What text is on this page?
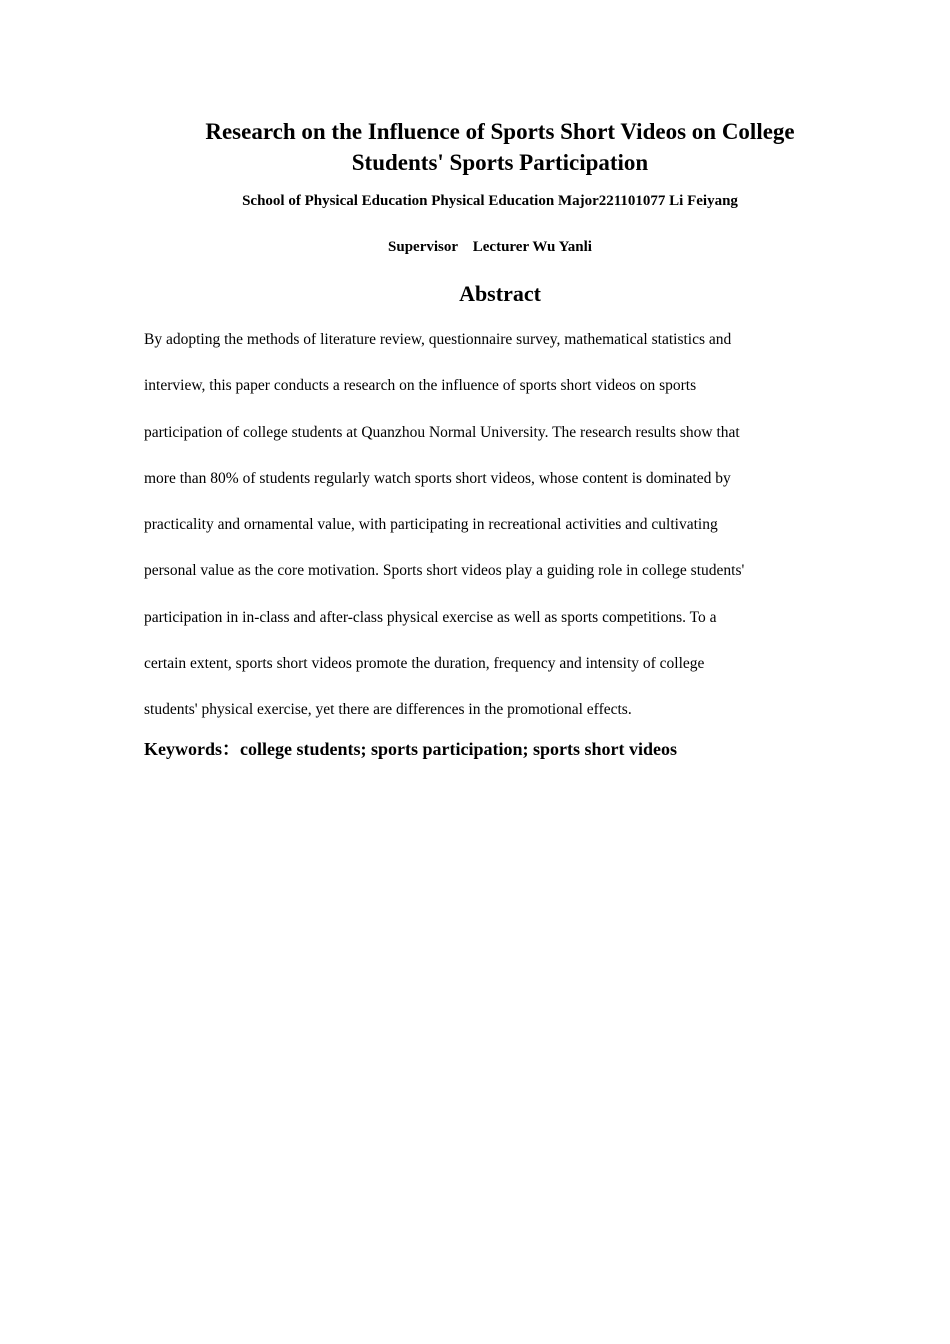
Research on the Influence of Sports Short Videos on College
Students' Sports Participation

School of Physical Education Physical Education Major221101077 Li Feiyang

Supervisor    Lecturer Wu Yanli

Abstract
By adopting the methods of literature review, questionnaire survey, mathematical statistics and
interview, this paper conducts a research on the influence of sports short videos on sports
participation of college students at Quanzhou Normal University. The research results show that
more than 80% of students regularly watch sports short videos, whose content is dominated by
practicality and ornamental value, with participating in recreational activities and cultivating
personal value as the core motivation. Sports short videos play a guiding role in college students'
participation in in-class and after-class physical exercise as well as sports competitions. To a
certain extent, sports short videos promote the duration, frequency and intensity of college
students' physical exercise, yet there are differences in the promotional effects.

Keywords：college students; sports participation; sports short videos
